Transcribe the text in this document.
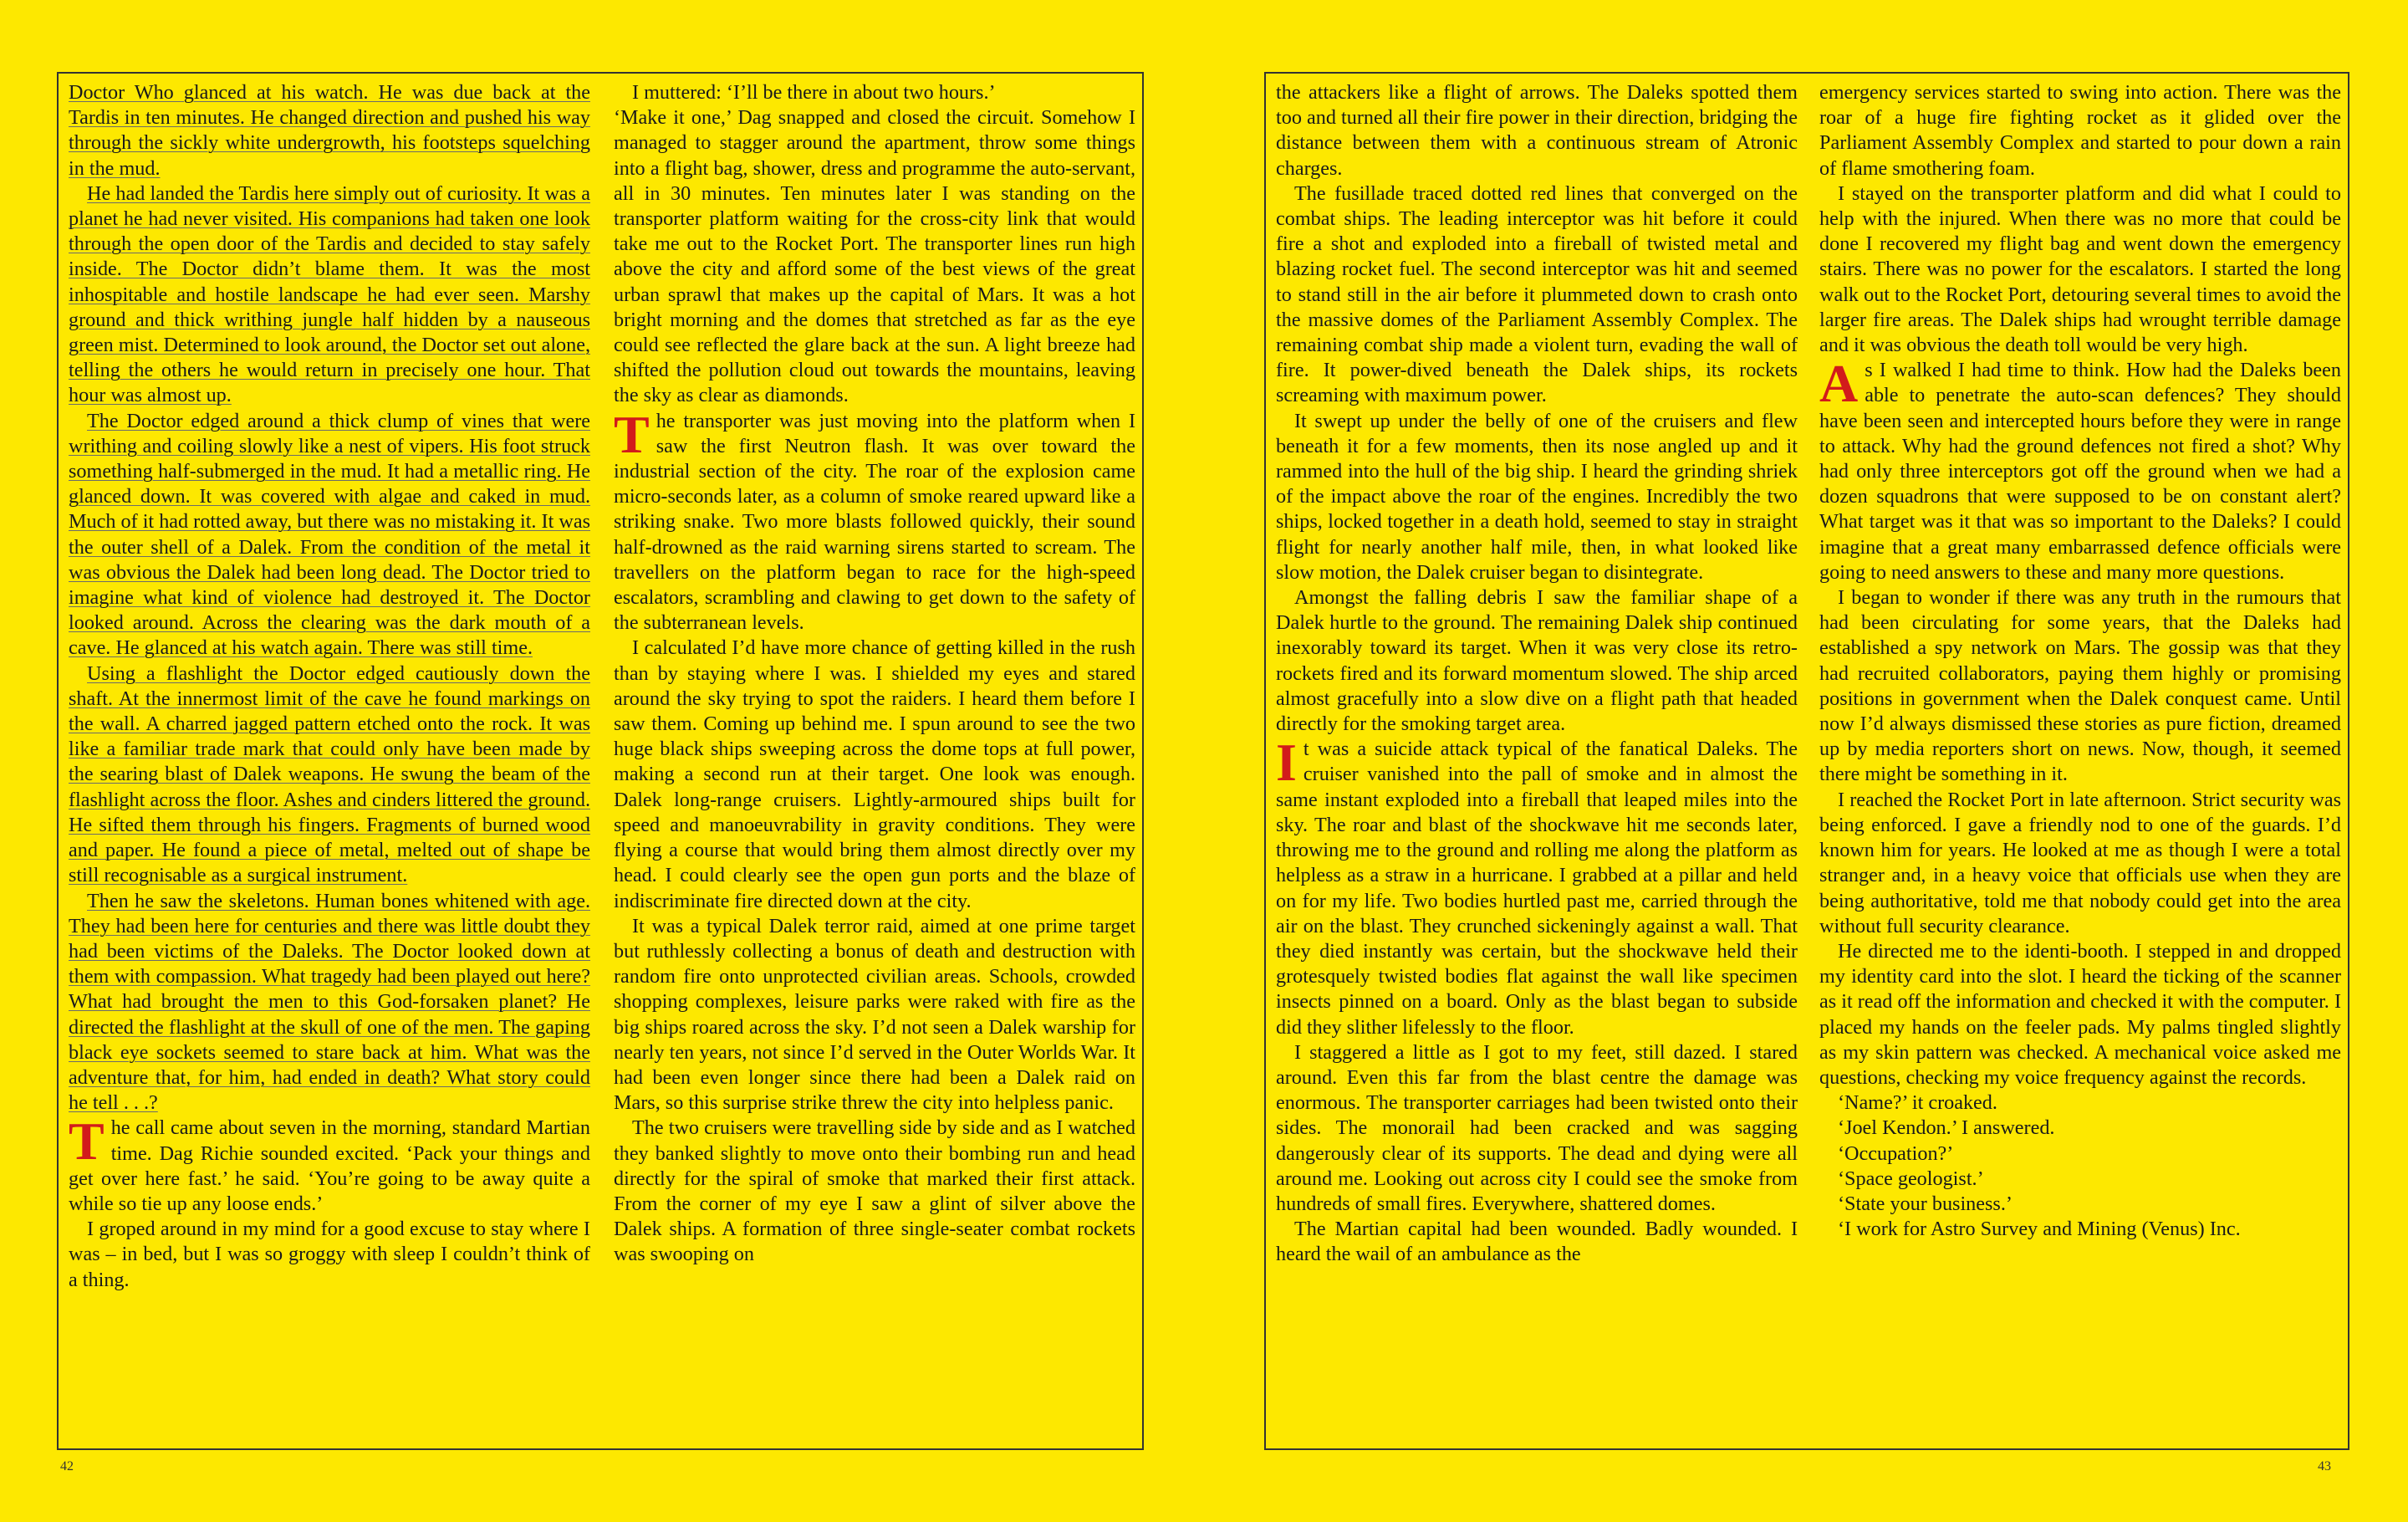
Doctor Who glanced at his watch. He was due back at the Tardis in ten minutes. He changed direction and pushed his way through the sickly white undergrowth, his footsteps squelching in the mud.

He had landed the Tardis here simply out of curiosity. It was a planet he had never visited. His companions had taken one look through the open door of the Tardis and decided to stay safely inside. The Doctor didn’t blame them. It was the most inhospitable and hostile landscape he had ever seen. Marshy ground and thick writhing jungle half hidden by a nauseous green mist. Determined to look around, the Doctor set out alone, telling the others he would return in precisely one hour. That hour was almost up.

The Doctor edged around a thick clump of vines that were writhing and coiling slowly like a nest of vipers. His foot struck something half-submerged in the mud. It had a metallic ring. He glanced down. It was covered with algae and caked in mud. Much of it had rotted away, but there was no mistaking it. It was the outer shell of a Dalek. From the condition of the metal it was obvious the Dalek had been long dead. The Doctor tried to imagine what kind of violence had destroyed it. The Doctor looked around. Across the clearing was the dark mouth of a cave. He glanced at his watch again. There was still time.

Using a flashlight the Doctor edged cautiously down the shaft. At the innermost limit of the cave he found markings on the wall. A charred jagged pattern etched onto the rock. It was like a familiar trade mark that could only have been made by the searing blast of Dalek weapons. He swung the beam of the flashlight across the floor. Ashes and cinders littered the ground. He sifted them through his fingers. Fragments of burned wood and paper. He found a piece of metal, melted out of shape be still recognisable as a surgical instrument.

Then he saw the skeletons. Human bones whitened with age. They had been here for centuries and there was little doubt they had been victims of the Daleks. The Doctor looked down at them with compassion. What tragedy had been played out here? What had brought the men to this God-forsaken planet? He directed the flashlight at the skull of one of the men. The gaping black eye sockets seemed to stare back at him. What was the adventure that, for him, had ended in death? What story could he tell . . .?

The call came about seven in the morning, standard Martian time. Dag Richie sounded excited. ‘Pack your things and get over here fast.’ he said. ‘You’re going to be away quite a while so tie up any loose ends.’

I groped around in my mind for a good excuse to stay where I was – in bed, but I was so groggy with sleep I couldn’t think of a thing.

I muttered: ‘I’ll be there in about two hours.’

‘Make it one,’ Dag snapped and closed the circuit. Somehow I managed to stagger around the apartment, throw some things into a flight bag, shower, dress and programme the auto-servant, all in 30 minutes. Ten minutes later I was standing on the transporter platform waiting for the cross-city link that would take me out to the Rocket Port. The transporter lines run high above the city and afford some of the best views of the great urban sprawl that makes up the capital of Mars. It was a hot bright morning and the domes that stretched as far as the eye could see reflected the glare back at the sun. A light breeze had shifted the pollution cloud out towards the mountains, leaving the sky as clear as diamonds.

The transporter was just moving into the platform when I saw the first Neutron flash. It was over toward the industrial section of the city. The roar of the explosion came micro-seconds later, as a column of smoke reared upward like a striking snake. Two more blasts followed quickly, their sound half-drowned as the raid warning sirens started to scream. The travellers on the platform began to race for the high-speed escalators, scrambling and clawing to get down to the safety of the subterranean levels.

I calculated I’d have more chance of getting killed in the rush than by staying where I was. I shielded my eyes and stared around the sky trying to spot the raiders. I heard them before I saw them. Coming up behind me. I spun around to see the two huge black ships sweeping across the dome tops at full power, making a second run at their target. One look was enough. Dalek long-range cruisers. Lightly-armoured ships built for speed and manoeuvrability in gravity conditions. They were flying a course that would bring them almost directly over my head. I could clearly see the open gun ports and the blaze of indiscriminate fire directed down at the city.

It was a typical Dalek terror raid, aimed at one prime target but ruthlessly collecting a bonus of death and destruction with random fire onto unprotected civilian areas. Schools, crowded shopping complexes, leisure parks were raked with fire as the big ships roared across the sky. I’d not seen a Dalek warship for nearly ten years, not since I’d served in the Outer Worlds War. It had been even longer since there had been a Dalek raid on Mars, so this surprise strike threw the city into helpless panic.

The two cruisers were travelling side by side and as I watched they banked slightly to move onto their bombing run and head directly for the spiral of smoke that marked their first attack. From the corner of my eye I saw a glint of silver above the Dalek ships. A formation of three single-seater combat rockets was swooping on

the attackers like a flight of arrows. The Daleks spotted them too and turned all their fire power in their direction, bridging the distance between them with a continuous stream of Atronic charges.

The fusillade traced dotted red lines that converged on the combat ships. The leading interceptor was hit before it could fire a shot and exploded into a fireball of twisted metal and blazing rocket fuel. The second interceptor was hit and seemed to stand still in the air before it plummeted down to crash onto the massive domes of the Parliament Assembly Complex. The remaining combat ship made a violent turn, evading the wall of fire. It power-dived beneath the Dalek ships, its rockets screaming with maximum power.

It swept up under the belly of one of the cruisers and flew beneath it for a few moments, then its nose angled up and it rammed into the hull of the big ship. I heard the grinding shriek of the impact above the roar of the engines. Incredibly the two ships, locked together in a death hold, seemed to stay in straight flight for nearly another half mile, then, in what looked like slow motion, the Dalek cruiser began to disintegrate.

Amongst the falling debris I saw the familiar shape of a Dalek hurtle to the ground. The remaining Dalek ship continued inexorably toward its target. When it was very close its retro-rockets fired and its forward momentum slowed. The ship arced almost gracefully into a slow dive on a flight path that headed directly for the smoking target area.

It was a suicide attack typical of the fanatical Daleks. The cruiser vanished into the pall of smoke and in almost the same instant exploded into a fireball that leaped miles into the sky. The roar and blast of the shockwave hit me seconds later, throwing me to the ground and rolling me along the platform as helpless as a straw in a hurricane. I grabbed at a pillar and held on for my life. Two bodies hurtled past me, carried through the air on the blast. They crunched sickeningly against a wall. That they died instantly was certain, but the shockwave held their grotesquely twisted bodies flat against the wall like specimen insects pinned on a board. Only as the blast began to subside did they slither lifelessly to the floor.

I staggered a little as I got to my feet, still dazed. I stared around. Even this far from the blast centre the damage was enormous. The transporter carriages had been twisted onto their sides. The monorail had been cracked and was sagging dangerously clear of its supports. The dead and dying were all around me. Looking out across city I could see the smoke from hundreds of small fires. Everywhere, shattered domes.

The Martian capital had been wounded. Badly wounded. I heard the wail of an ambulance as the

emergency services started to swing into action. There was the roar of a huge fire fighting rocket as it glided over the Parliament Assembly Complex and started to pour down a rain of flame smothering foam.

I stayed on the transporter platform and did what I could to help with the injured. When there was no more that could be done I recovered my flight bag and went down the emergency stairs. There was no power for the escalators. I started the long walk out to the Rocket Port, detouring several times to avoid the larger fire areas. The Dalek ships had wrought terrible damage and it was obvious the death toll would be very high.

As I walked I had time to think. How had the Daleks been able to penetrate the auto-scan defences? They should have been seen and intercepted hours before they were in range to attack. Why had the ground defences not fired a shot? Why had only three interceptors got off the ground when we had a dozen squadrons that were supposed to be on constant alert? What target was it that was so important to the Daleks? I could imagine that a great many embarrassed defence officials were going to need answers to these and many more questions.

I began to wonder if there was any truth in the rumours that had been circulating for some years, that the Daleks had established a spy network on Mars. The gossip was that they had recruited collaborators, paying them highly or promising positions in government when the Dalek conquest came. Until now I’d always dismissed these stories as pure fiction, dreamed up by media reporters short on news. Now, though, it seemed there might be something in it.

I reached the Rocket Port in late afternoon. Strict security was being enforced. I gave a friendly nod to one of the guards. I’d known him for years. He looked at me as though I were a total stranger and, in a heavy voice that officials use when they are being authoritative, told me that nobody could get into the area without full security clearance.

He directed me to the identi-booth. I stepped in and dropped my identity card into the slot. I heard the ticking of the scanner as it read off the information and checked it with the computer. I placed my hands on the feeler pads. My palms tingled slightly as my skin pattern was checked. A mechanical voice asked me questions, checking my voice frequency against the records.

‘Name?’ it croaked.

‘Joel Kendon.’ I answered.

‘Occupation?’

‘Space geologist.’

‘State your business.’

‘I work for Astro Survey and Mining (Venus) Inc.

42	43
